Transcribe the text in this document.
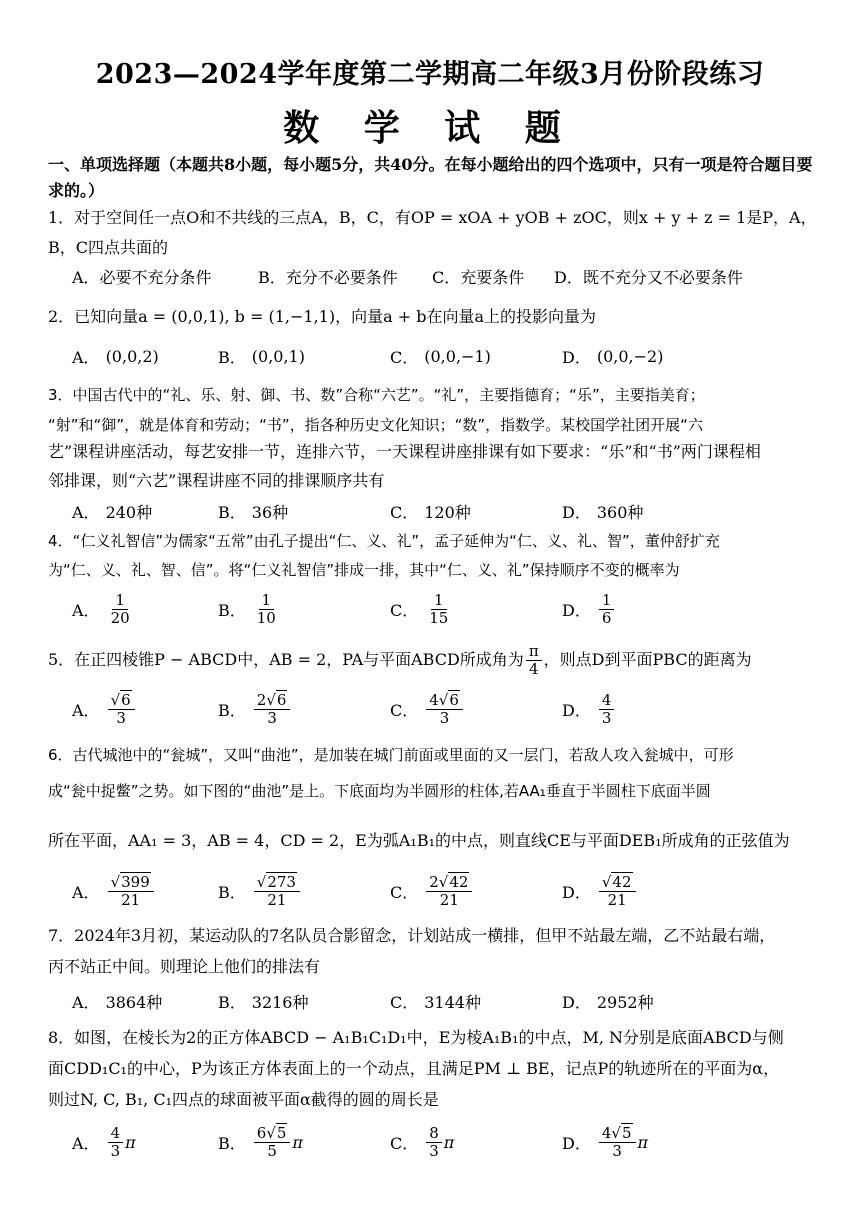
2023—2024学年度第二学期高二年级3月份阶段练习
数 学 试 题
一、单项选择题（本题共8小题，每小题5分，共40分。在每小题给出的四个选项中，只有一项是符合题目要求的。）
1．对于空间任一点O和不共线的三点A，B，C，有OP = xOA + yOB + zOC，则x + y + z = 1是P，A，
B，C四点共面的
A．必要不充分条件	B．充分不必要条件 C．充要条件 D．既不充分又不必要条件
2．已知向量a = (0,0,1), b = (1,−1,1)，向量a + b在向量a上的投影向量为
A． (0,0,2)	B． (0,0,1)	C． (0,0,−1)	D． (0,0,−2)
3．中国古代中的“礼、乐、射、御、书、数”合称“六艺”。“礼”，主要指德育；“乐”，主要指美育；
“射”和“御”，就是体育和劳动；“书”，指各种历史文化知识；“数”，指数学。某校国学社团开展“六
艺”课程讲座活动，每艺安排一节，连排六节，一天课程讲座排课有如下要求：“乐”和“书”两门课程相
邻排课，则“六艺”课程讲座不同的排课顺序共有
A． 240种	B． 36种	C． 120种	D． 360种
4．“仁义礼智信”为儒家“五常”由孔子提出“仁、义、礼”，孟子延伸为“仁、义、礼、智”，董仲舒扩充
为“仁、义、礼、智、信”。将“仁义礼智信”排成一排，其中“仁、义、礼”保持顺序不变的概率为
A． $\frac{1}{20}$	B． $\frac{1}{10}$	C． $\frac{1}{15}$	D． $\frac{1}{6}$
5．在正四棱锥P − ABCD中，AB = 2，PA与平面ABCD所成角为 $\frac{\pi}{4}$ ，则点D到平面PBC的距离为
A． $\frac{√6}{3}$	B． $\frac{2√6}{3}$	C． $\frac{4√6}{3}$	D． $\frac{4}{3}$
6．古代城池中的“瓮城”，又叫“曲池”，是加装在城门前面或里面的又一层门，若敌人攻入瓮城中，可形
成“瓮中捉鳖”之势。如下图的“曲池”是上。下底面均为半圆形的柱体,若AA₁垂直于半圆柱下底面半圆
所在平面，AA₁ = 3，AB = 4，CD = 2，E为弧A₁B₁的中点，则直线CE与平面DEB₁所成角的正弦值为
A． $\frac{√399}{21}$	B． $\frac{√273}{21}$	C． $\frac{2√42}{21}$	D． $\frac{√42}{21}$
7．2024年3月初，某运动队的7名队员合影留念，计划站成一横排，但甲不站最左端，乙不站最右端，
丙不站正中间。则理论上他们的排法有
A． 3864种	B． 3216种	C． 3144种	D． 2952种
8．如图，在棱长为2的正方体ABCD − A₁B₁C₁D₁中，E为棱A₁B₁的中点，M, N分别是底面ABCD与侧
面CDD₁C₁的中心，P为该正方体表面上的一个动点，且满足PM ⊥ BE，记点P的轨迹所在的平面为α，
则过N, C, B₁, C₁四点的球面被平面α截得的圆的周长是
A． $\frac{4}{3}$ π	B． $\frac{6√5}{5}$ π	C． $\frac{8}{3}$ π	D． $\frac{4√5}{3}$ π
